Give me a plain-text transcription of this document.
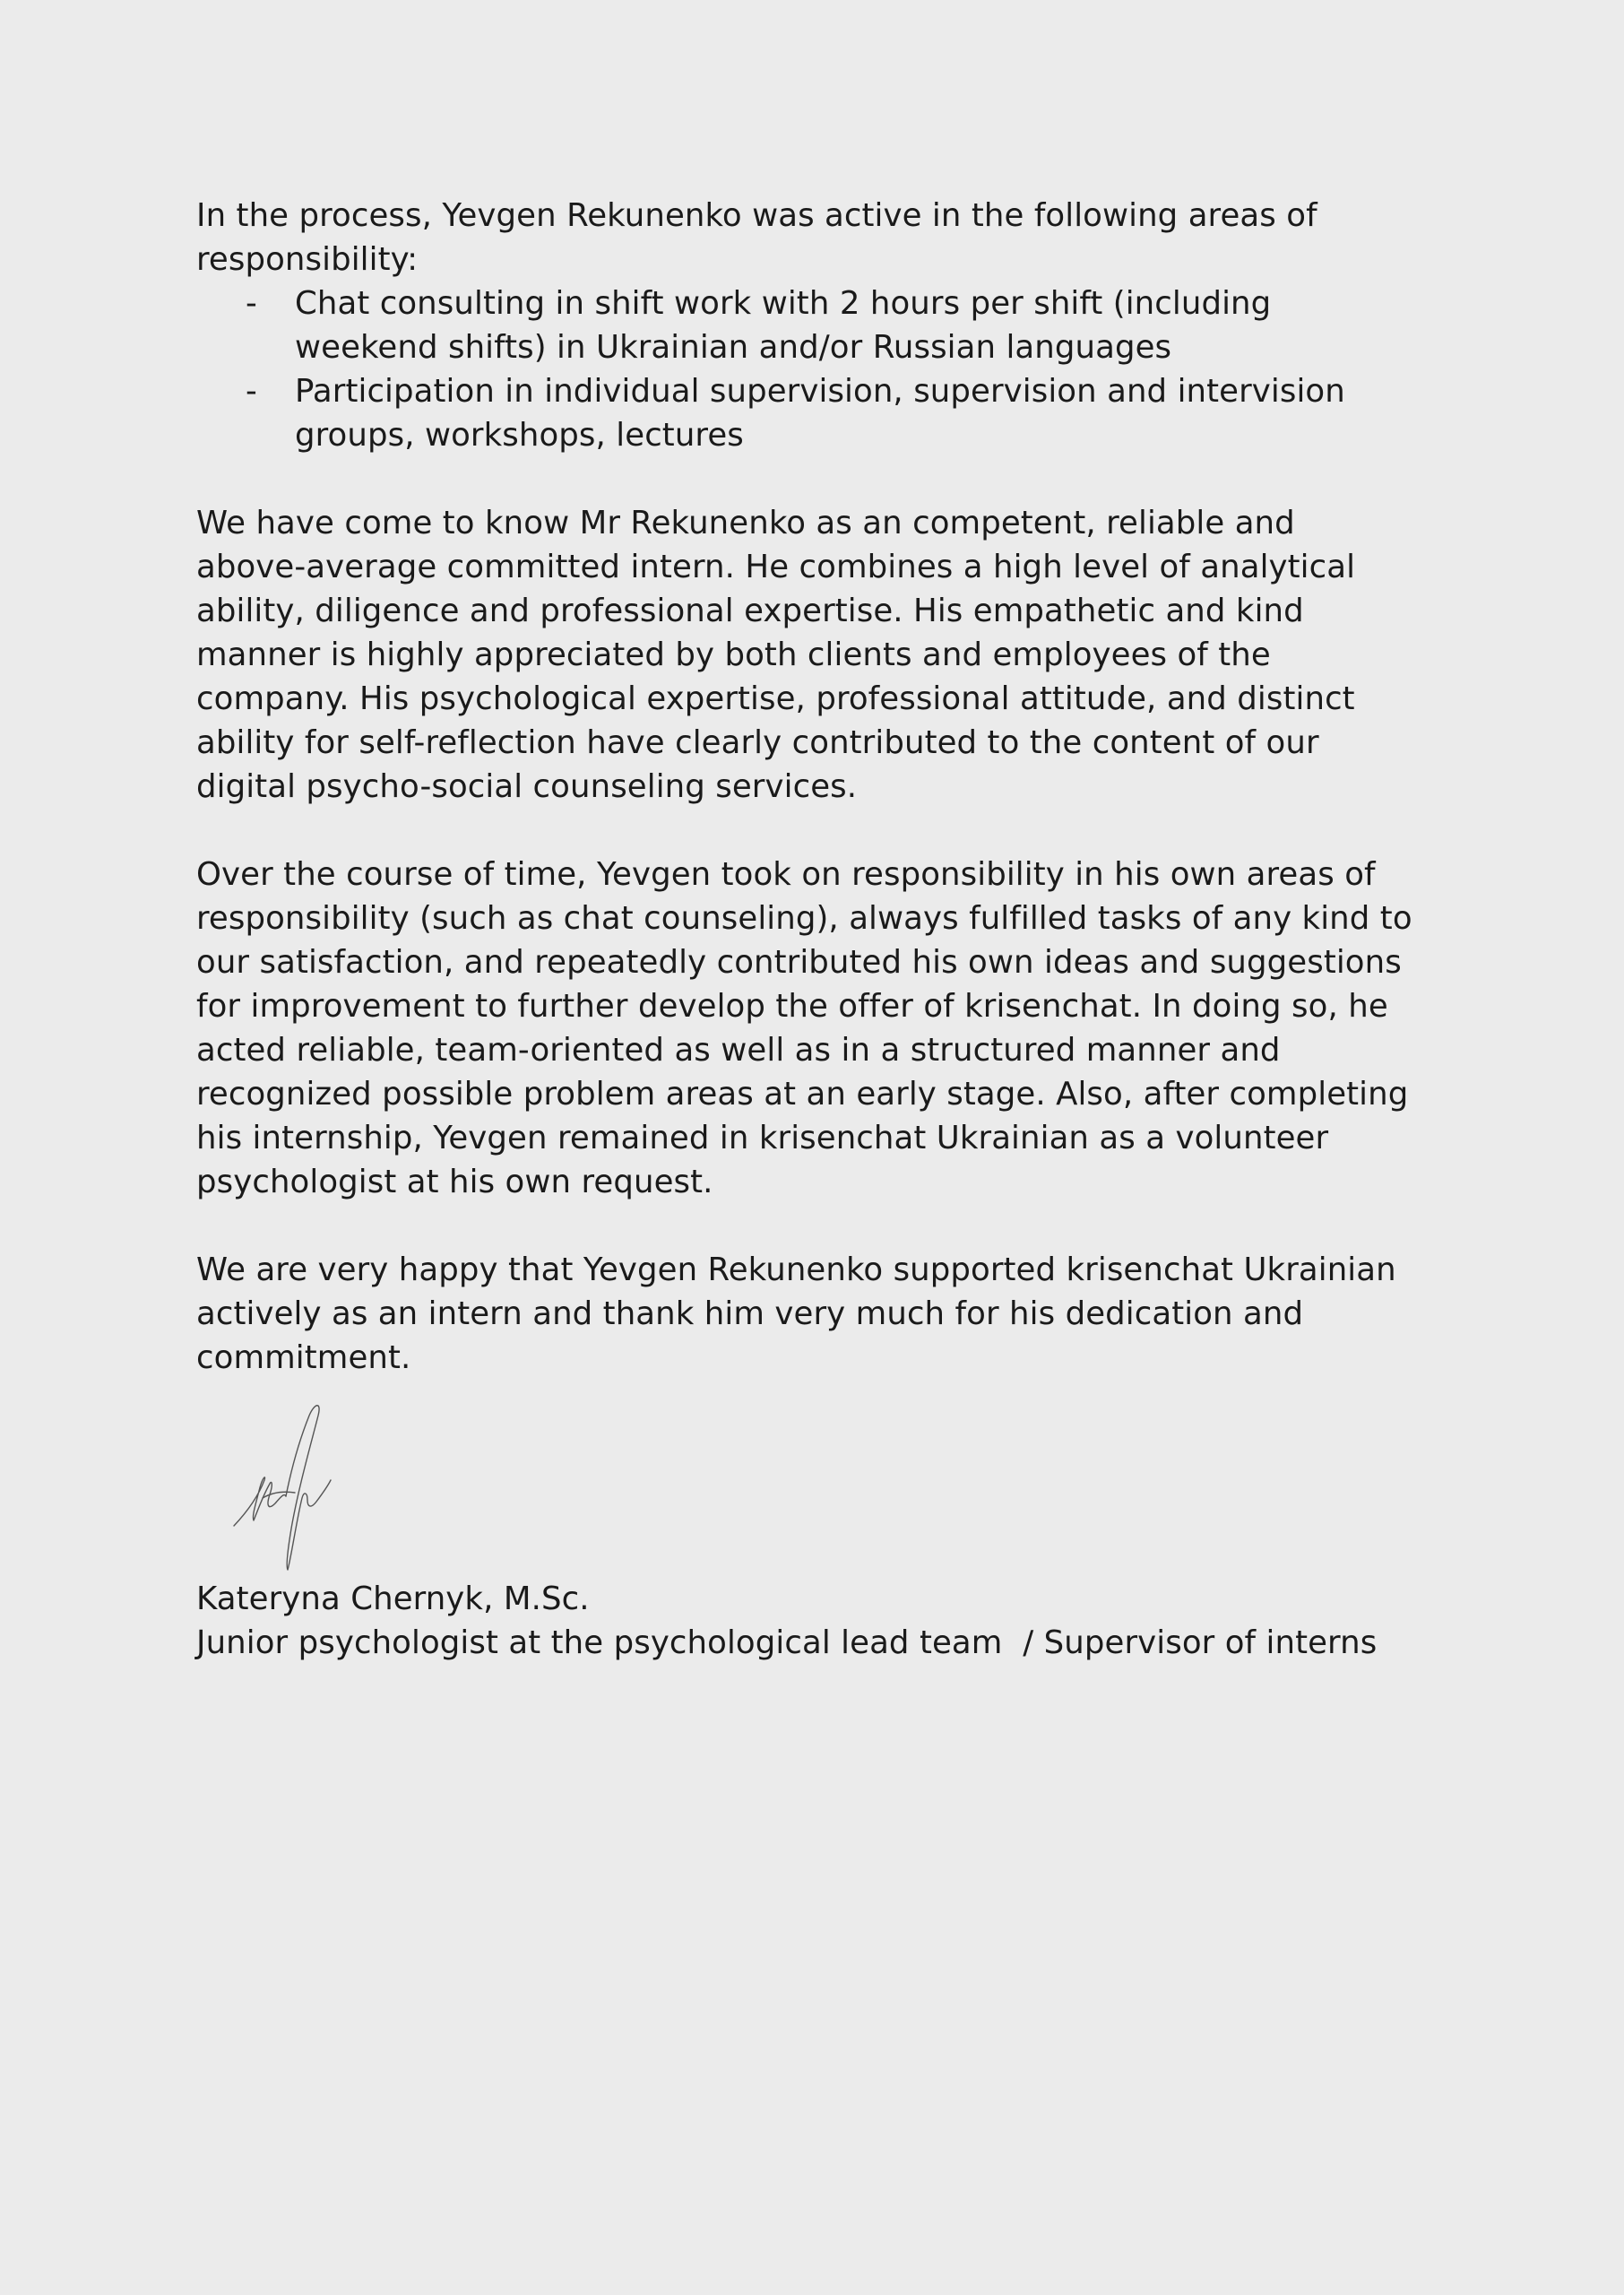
In the process, Yevgen Rekunenko was active in the following areas of responsibility:

- Chat consulting in shift work with 2 hours per shift (including
weekend shifts) in Ukrainian and/or Russian languages
- Participation in individual supervision, supervision and intervision
groups, workshops, lectures

We have come to know Mr Rekunenko as an competent, reliable and
above-average committed intern. He combines a high level of analytical
ability, diligence and professional expertise. His empathetic and kind
manner is highly appreciated by both clients and employees of the
company. His psychological expertise, professional attitude, and distinct
ability for self-reflection have clearly contributed to the content of our
digital psycho-social counseling services.

Over the course of time, Yevgen took on responsibility in his own areas of
responsibility (such as chat counseling), always fulfilled tasks of any kind to
our satisfaction, and repeatedly contributed his own ideas and suggestions
for improvement to further develop the offer of krisenchat. In doing so, he
acted reliable, team-oriented as well as in a structured manner and
recognized possible problem areas at an early stage. Also, after completing
his internship, Yevgen remained in krisenchat Ukrainian as a volunteer
psychologist at his own request.

We are very happy that Yevgen Rekunenko supported krisenchat Ukrainian
actively as an intern and thank him very much for his dedication and
commitment.

Kateryna Chernyk, M.Sc.
Junior psychologist at the psychological lead team  / Supervisor of interns
